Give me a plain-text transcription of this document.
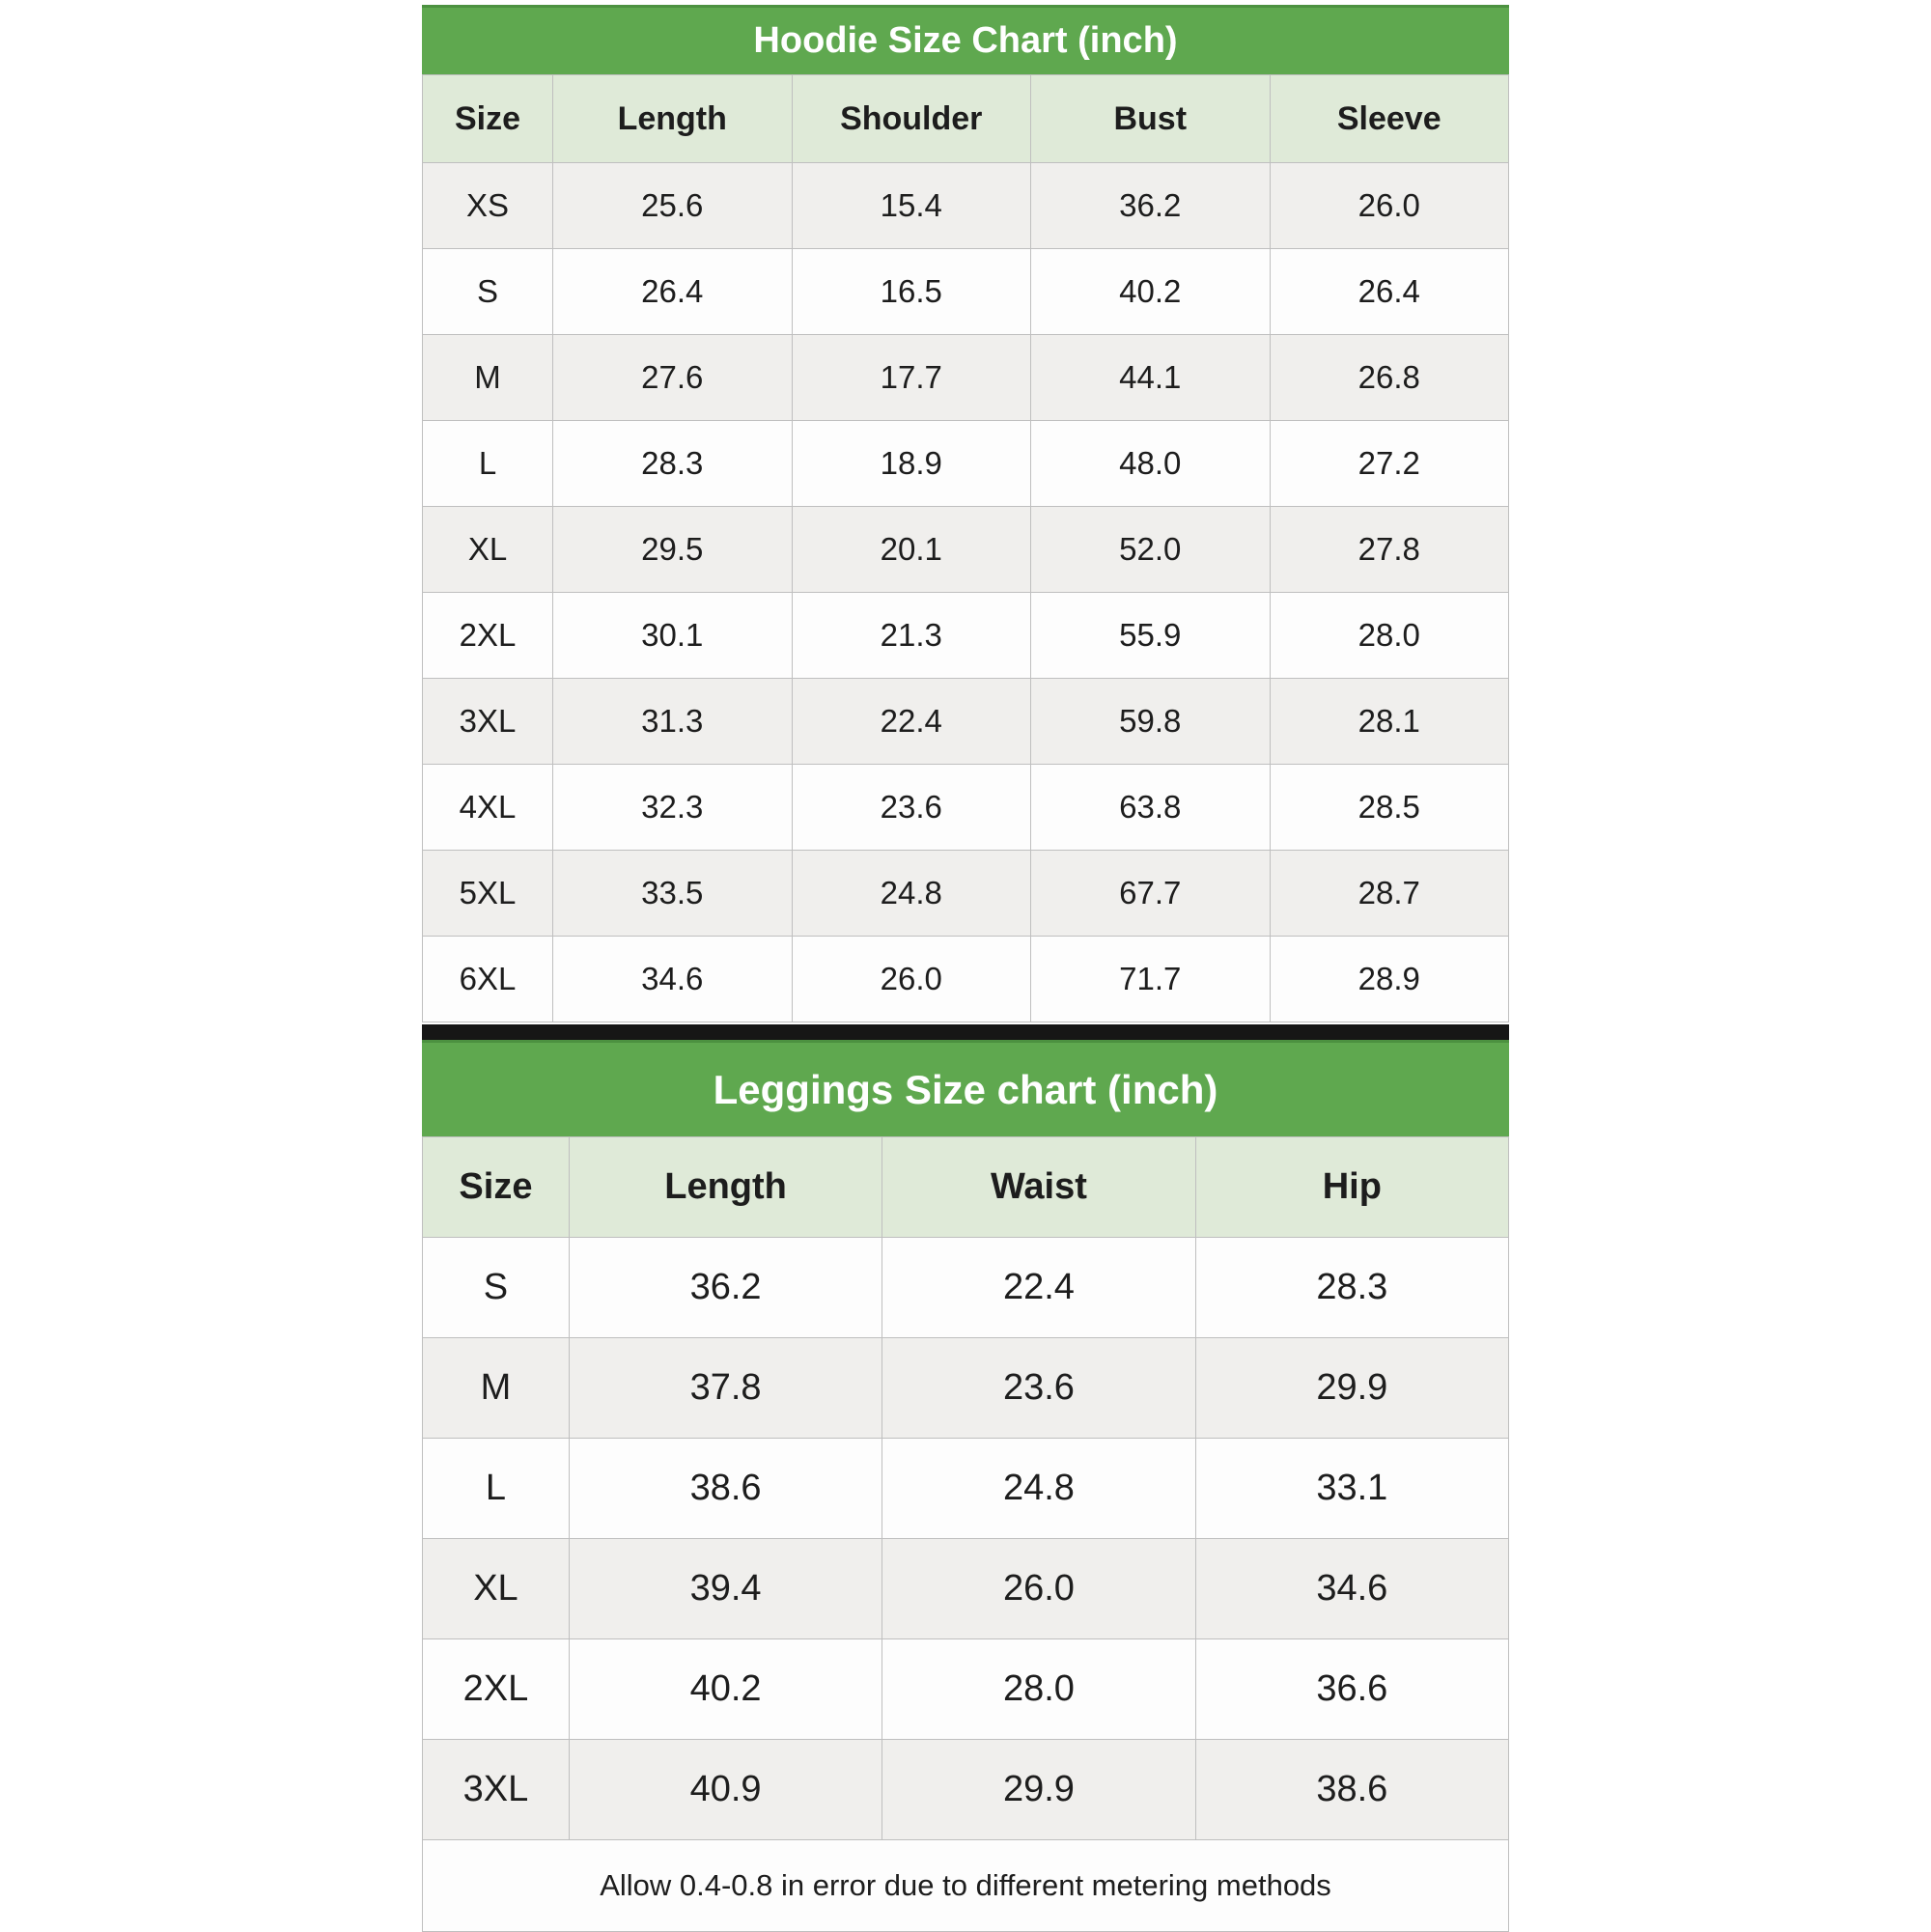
Hoodie Size Chart (inch)
Size	Length	Shoulder	Bust	Sleeve
XS	25.6	15.4	36.2	26.0
S	26.4	16.5	40.2	26.4
M	27.6	17.7	44.1	26.8
L	28.3	18.9	48.0	27.2
XL	29.5	20.1	52.0	27.8
2XL	30.1	21.3	55.9	28.0
3XL	31.3	22.4	59.8	28.1
4XL	32.3	23.6	63.8	28.5
5XL	33.5	24.8	67.7	28.7
6XL	34.6	26.0	71.7	28.9
Leggings Size chart (inch)
Size	Length	Waist	Hip
S	36.2	22.4	28.3
M	37.8	23.6	29.9
L	38.6	24.8	33.1
XL	39.4	26.0	34.6
2XL	40.2	28.0	36.6
3XL	40.9	29.9	38.6
Allow 0.4-0.8 in error due to different metering methods
